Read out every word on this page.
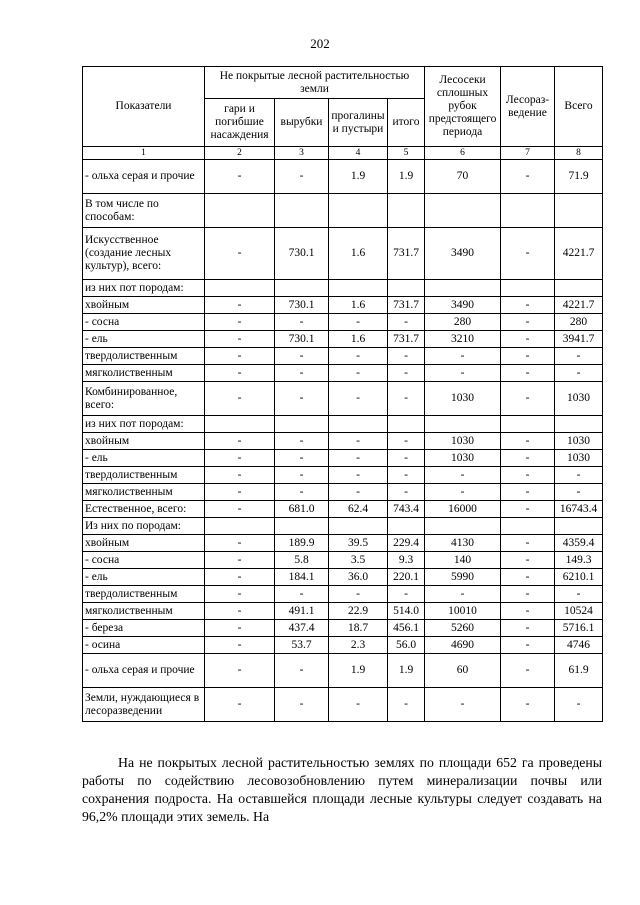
202
Показатели	Не покрытые лесной растительностью земли				Лесосеки сплошных рубок предстоящего периода	Лесораз-ведение	Всего
	гари и погибшие насаждения	вырубки	прогалины и пустыри	итого			
1	2	3	4	5	6	7	8
- ольха серая и прочие	-	-	1.9	1.9	70	-	71.9
В том числе по способам:							
Искусственное (создание лесных культур), всего:	-	730.1	1.6	731.7	3490	-	4221.7
из них пот породам:							
хвойным	-	730.1	1.6	731.7	3490	-	4221.7
- сосна	-	-	-	-	280	-	280
- ель	-	730.1	1.6	731.7	3210	-	3941.7
твердолиственным	-	-	-	-	-	-	-
мягколиственным	-	-	-	-	-	-	-
Комбинированное, всего:	-	-	-	-	1030	-	1030
из них пот породам:							
хвойным	-	-	-	-	1030	-	1030
- ель	-	-	-	-	1030	-	1030
твердолиственным	-	-	-	-	-	-	-
мягколиственным	-	-	-	-	-	-	-
Естественное, всего:	-	681.0	62.4	743.4	16000	-	16743.4
Из них по породам:							
хвойным	-	189.9	39.5	229.4	4130	-	4359.4
- сосна	-	5.8	3.5	9.3	140	-	149.3
- ель	-	184.1	36.0	220.1	5990	-	6210.1
твердолиственным	-	-	-	-	-	-	-
мягколиственным	-	491.1	22.9	514.0	10010	-	10524
- береза	-	437.4	18.7	456.1	5260	-	5716.1
- осина	-	53.7	2.3	56.0	4690	-	4746
- ольха серая и прочие	-	-	1.9	1.9	60	-	61.9
Земли, нуждающиеся в лесоразведении	-	-	-	-	-	-	-

На не покрытых лесной растительностью землях по площади 652 га проведены работы по содействию лесовозобновлению путем минерализации почвы или сохранения подроста. На оставшейся площади лесные культуры следует создавать на 96,2% площади этих земель. На
